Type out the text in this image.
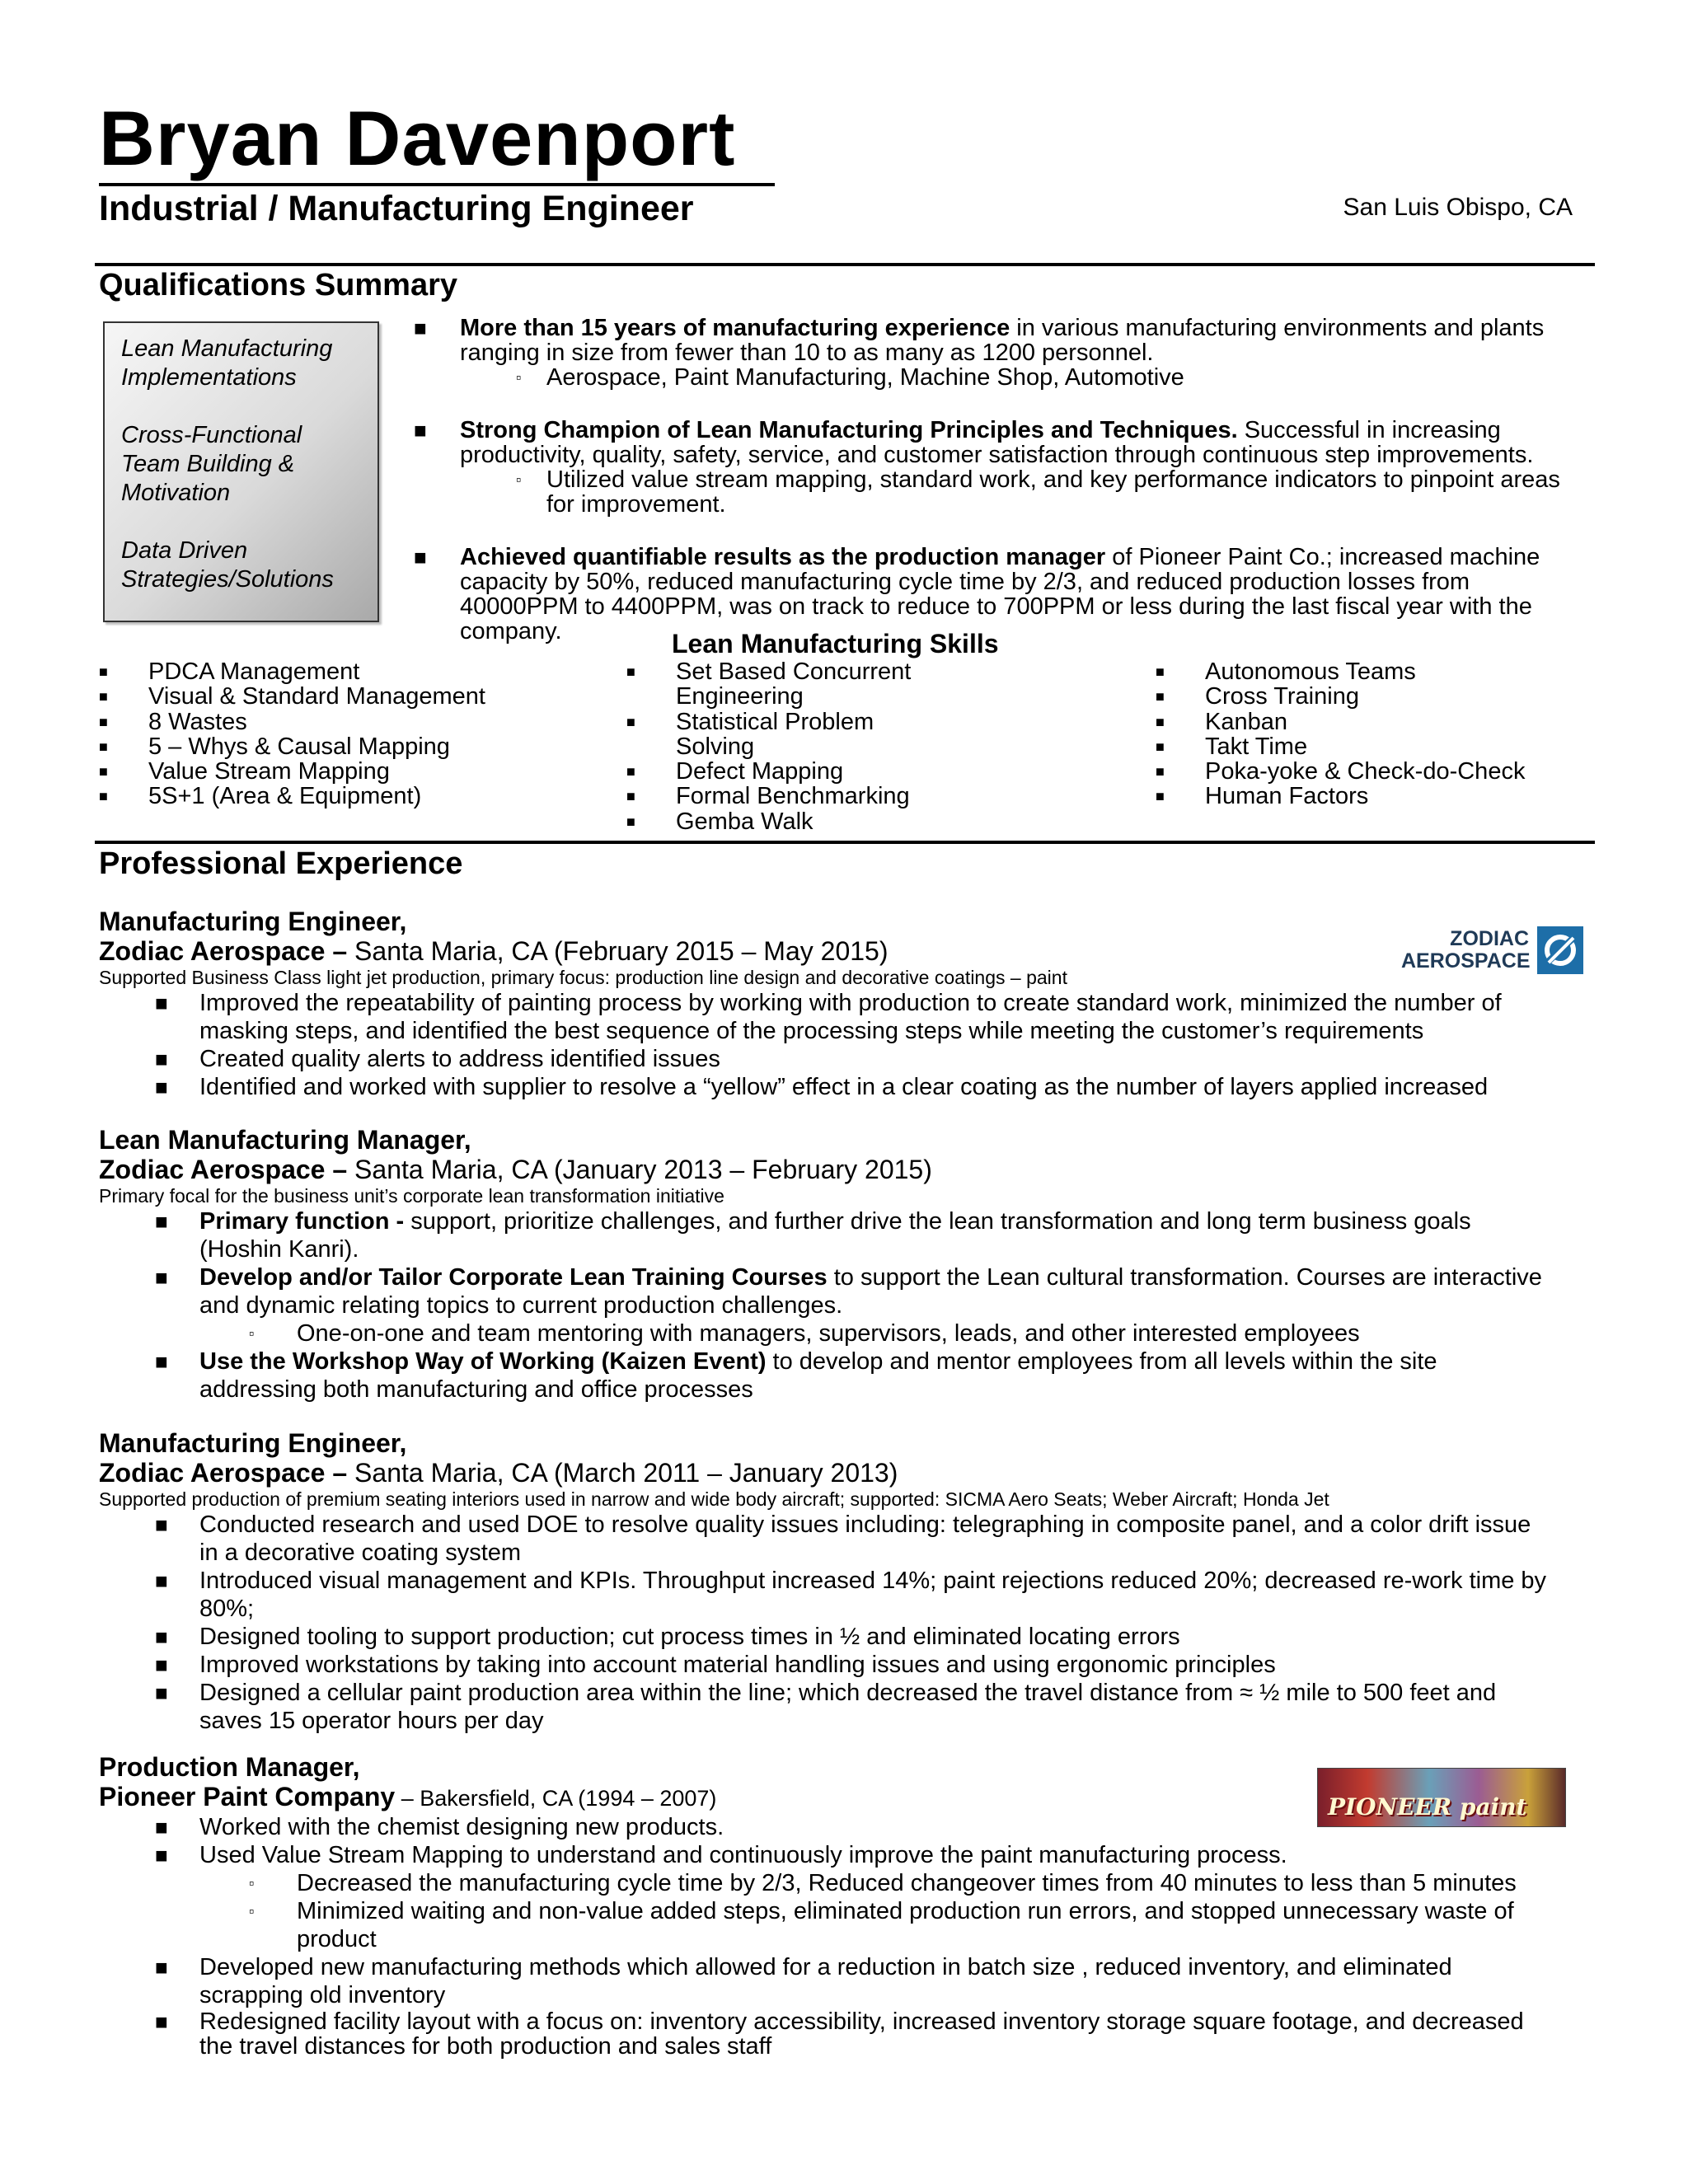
Bryan Davenport
Industrial / Manufacturing Engineer	San Luis Obispo, CA
Qualifications Summary
Lean Manufacturing Implementations
Cross-Functional Team Building & Motivation
Data Driven Strategies/Solutions
■ More than 15 years of manufacturing experience in various manufacturing environments and plants ranging in size from fewer than 10 to as many as 1200 personnel.
▫ Aerospace, Paint Manufacturing, Machine Shop, Automotive
■ Strong Champion of Lean Manufacturing Principles and Techniques. Successful in increasing productivity, quality, safety, service, and customer satisfaction through continuous step improvements.
▫ Utilized value stream mapping, standard work, and key performance indicators to pinpoint areas for improvement.
■ Achieved quantifiable results as the production manager of Pioneer Paint Co.; increased machine capacity by 50%, reduced manufacturing cycle time by 2/3, and reduced production losses from 40000PPM to 4400PPM, was on track to reduce to 700PPM or less during the last fiscal year with the company.	Lean Manufacturing Skills
■ PDCA Management
■ Visual & Standard Management
■ 8 Wastes
■ 5 – Whys & Causal Mapping
■ Value Stream Mapping
■ 5S+1 (Area & Equipment)
■ Set Based Concurrent Engineering
■ Statistical Problem Solving
■ Defect Mapping
■ Formal Benchmarking
■ Gemba Walk
■ Autonomous Teams
■ Cross Training
■ Kanban
■ Takt Time
■ Poka-yoke & Check-do-Check
■ Human Factors
Professional Experience
ZODIAC AEROSPACE
Manufacturing Engineer,
Zodiac Aerospace – Santa Maria, CA (February 2015 – May 2015)
Supported Business Class light jet production, primary focus: production line design and decorative coatings – paint
■ Improved the repeatability of painting process by working with production to create standard work, minimized the number of masking steps, and identified the best sequence of the processing steps while meeting the customer’s requirements
■ Created quality alerts to address identified issues
■ Identified and worked with supplier to resolve a “yellow” effect in a clear coating as the number of layers applied increased
Lean Manufacturing Manager,
Zodiac Aerospace – Santa Maria, CA (January 2013 – February 2015)
Primary focal for the business unit’s corporate lean transformation initiative
■ Primary function - support, prioritize challenges, and further drive the lean transformation and long term business goals (Hoshin Kanri).
■ Develop and/or Tailor Corporate Lean Training Courses to support the Lean cultural transformation. Courses are interactive and dynamic relating topics to current production challenges.
▫ One-on-one and team mentoring with managers, supervisors, leads, and other interested employees
■ Use the Workshop Way of Working (Kaizen Event) to develop and mentor employees from all levels within the site addressing both manufacturing and office processes
Manufacturing Engineer,
Zodiac Aerospace – Santa Maria, CA (March 2011 – January 2013)
Supported production of premium seating interiors used in narrow and wide body aircraft; supported: SICMA Aero Seats; Weber Aircraft; Honda Jet
■ Conducted research and used DOE to resolve quality issues including: telegraphing in composite panel, and a color drift issue in a decorative coating system
■ Introduced visual management and KPIs. Throughput increased 14%; paint rejections reduced 20%; decreased re-work time by 80%;
■ Designed tooling to support production; cut process times in ½ and eliminated locating errors
■ Improved workstations by taking into account material handling issues and using ergonomic principles
■ Designed a cellular paint production area within the line; which decreased the travel distance from ≈ ½ mile to 500 feet and saves 15 operator hours per day
PIONEER paint
Production Manager,
Pioneer Paint Company – Bakersfield, CA (1994 – 2007)
■ Worked with the chemist designing new products.
■ Used Value Stream Mapping to understand and continuously improve the paint manufacturing process.
▫ Decreased the manufacturing cycle time by 2/3, Reduced changeover times from 40 minutes to less than 5 minutes
▫ Minimized waiting and non-value added steps, eliminated production run errors, and stopped unnecessary waste of product
■ Developed new manufacturing methods which allowed for a reduction in batch size , reduced inventory, and eliminated scrapping old inventory
■ Redesigned facility layout with a focus on: inventory accessibility, increased inventory storage square footage, and decreased the travel distances for both production and sales staff
